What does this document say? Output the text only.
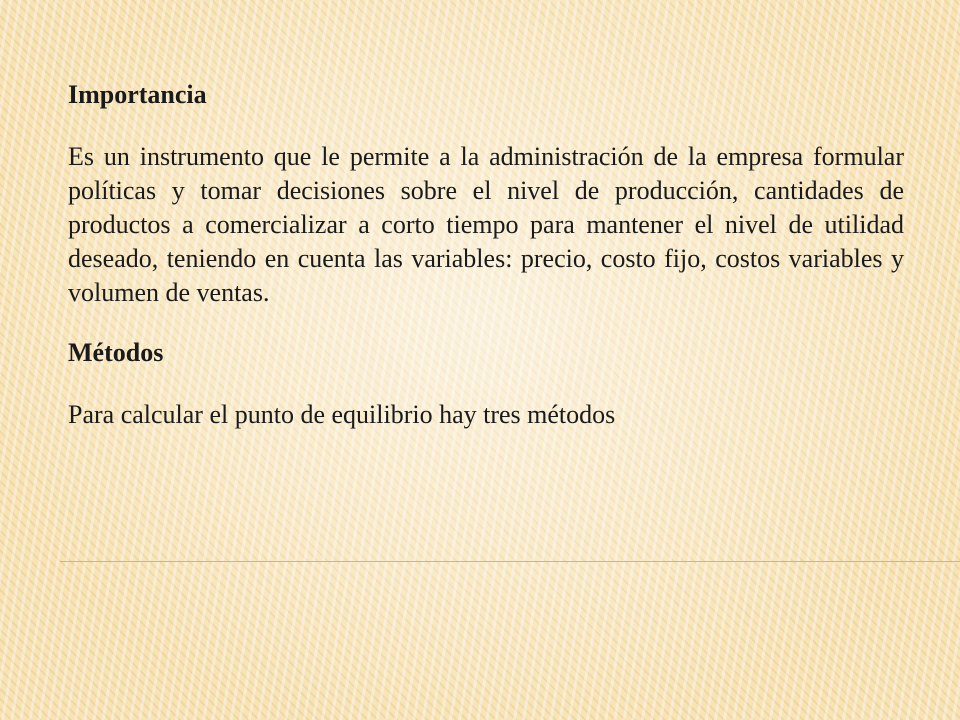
Importancia

Es un instrumento que le permite a la administración de la empresa formular políticas y tomar decisiones sobre el nivel de producción, cantidades de productos a comercializar a corto tiempo para mantener el nivel de utilidad deseado, teniendo en cuenta las variables: precio, costo fijo, costos variables y volumen de ventas.

Métodos

Para calcular el punto de equilibrio hay tres métodos
